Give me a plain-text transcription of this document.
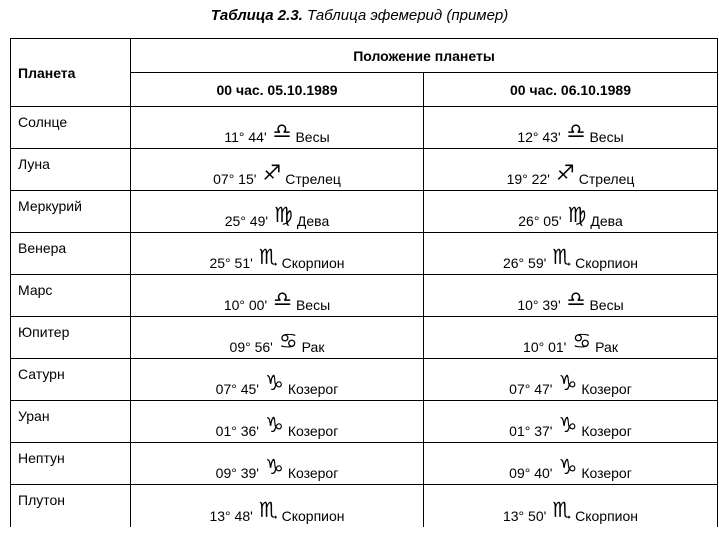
Таблица 2.3. Таблица эфемерид (пример)
Планета	Положение планеты	
	00 час. 05.10.1989	00 час. 06.10.1989
Солнце	11° 44' ♎ Весы	12° 43' ♎ Весы
Луна	07° 15' ♐ Стрелец	19° 22' ♐ Стрелец
Меркурий	25° 49' ♍ Дева	26° 05' ♍ Дева
Венера	25° 51' ♏ Скорпион	26° 59' ♏ Скорпион
Марс	10° 00' ♎ Весы	10° 39' ♎ Весы
Юпитер	09° 56' ♋ Рак	10° 01' ♋ Рак
Сатурн	07° 45' ♑ Козерог	07° 47' ♑ Козерог
Уран	01° 36' ♑ Козерог	01° 37' ♑ Козерог
Нептун	09° 39' ♑ Козерог	09° 40' ♑ Козерог
Плутон	13° 48' ♏ Скорпион	13° 50' ♏ Скорпион
